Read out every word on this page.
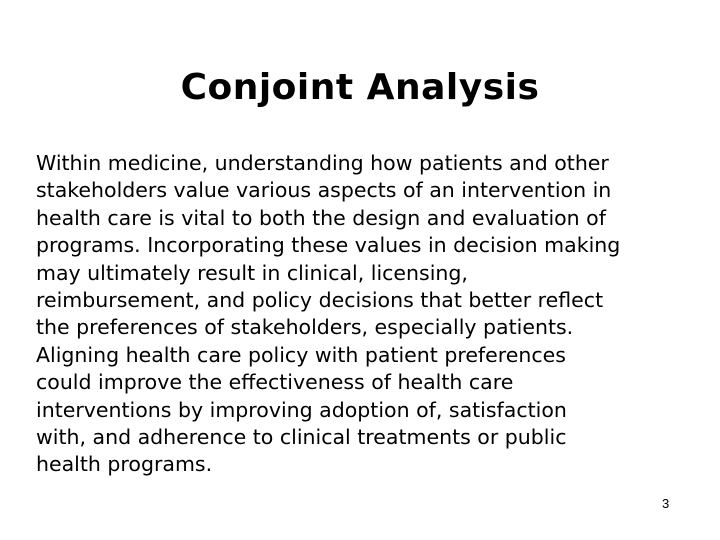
Conjoint Analysis

Within medicine, understanding how patients and other
stakeholders value various aspects of an intervention in
health care is vital to both the design and evaluation of
programs. Incorporating these values in decision making
may ultimately result in clinical, licensing,
reimbursement, and policy decisions that better reflect
the preferences of stakeholders, especially patients.
Aligning health care policy with patient preferences
could improve the effectiveness of health care
interventions by improving adoption of, satisfaction
with, and adherence to clinical treatments or public
health programs.

3
